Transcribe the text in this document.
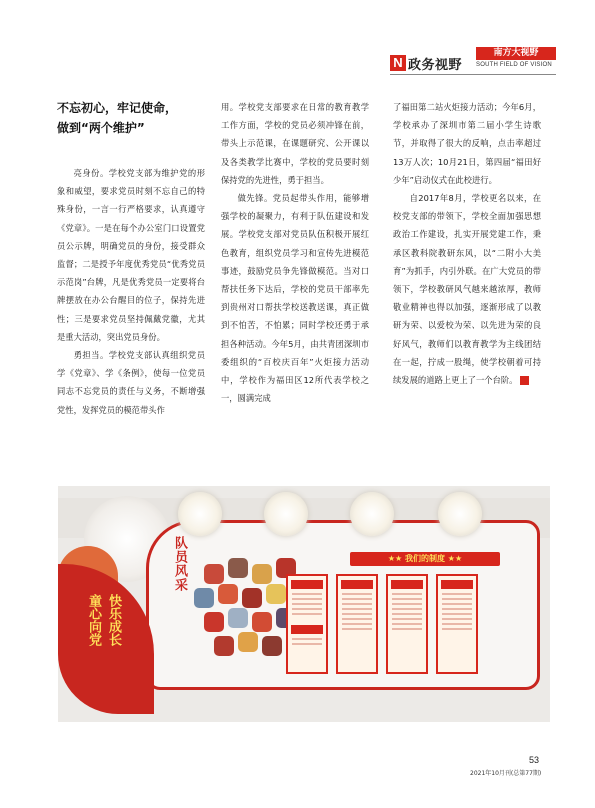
N 政务视野
南方大视野
SOUTH FIELD OF VISION
不忘初心，牢记使命，
做到“两个维护”

亮身份。学校党支部为维护党的形象和威望，要求党员时刻不忘自己的特殊身份，一言一行严格要求，认真遵守《党章》。一是在每个办公室门口设置党员公示牌，明确党员的身份，接受群众监督；二是授予年度优秀党员“优秀党员示范岗”台牌，凡是优秀党员一定要将台牌摆放在办公台醒目的位子，保持先进性；三是要求党员坚持佩戴党徽，尤其是重大活动，突出党员身份。

勇担当。学校党支部认真组织党员学《党章》、学《条例》，使每一位党员同志不忘党员的责任与义务，不断增强党性，发挥党员的模范带头作

用。学校党支部要求在日常的教育教学工作方面，学校的党员必须冲锋在前，带头上示范课，在课题研究、公开课以及各类教学比赛中，学校的党员要时刻保持党的先进性，勇于担当。

做先锋。党员起带头作用，能够增强学校的凝聚力，有利于队伍建设和发展。学校党支部对党员队伍积极开展红色教育，组织党员学习和宣传先进模范事迹，鼓励党员争先锋做模范。当对口帮扶任务下达后，学校的党员干部率先到贵州对口帮扶学校送教送课，真正做到不怕苦，不怕累；同时学校还勇于承担各种活动。今年5月，由共青团深圳市委组织的“百校庆百年”火炬接力活动中，学校作为福田区12所代表学校之一，圆满完成

了福田第二站火炬接力活动；今年6月，学校承办了深圳市第二届小学生诗歌节，并取得了很大的反响，点击率超过13万人次；10月21日，第四届“福田好少年”启动仪式在此校进行。

自2017年8月，学校更名以来，在校党支部的带领下，学校全面加强思想政治工作建设，扎实开展党建工作，秉承区教科院教研东风，以“二附小大美育”为抓手，内引外联。在广大党员的带领下，学校教研风气越来越浓厚，教师敬业精神也得以加强，逐渐形成了以教研为荣、以爱校为荣、以先进为荣的良好风气，教师们以教育教学为主线团结在一起，拧成一股绳，使学校朝着可持续发展的道路上更上了一个台阶。	N

童心向党 快乐成长
队员风采	★★ 我们的制度 ★★
53
2021年10月刊(总第77期)
